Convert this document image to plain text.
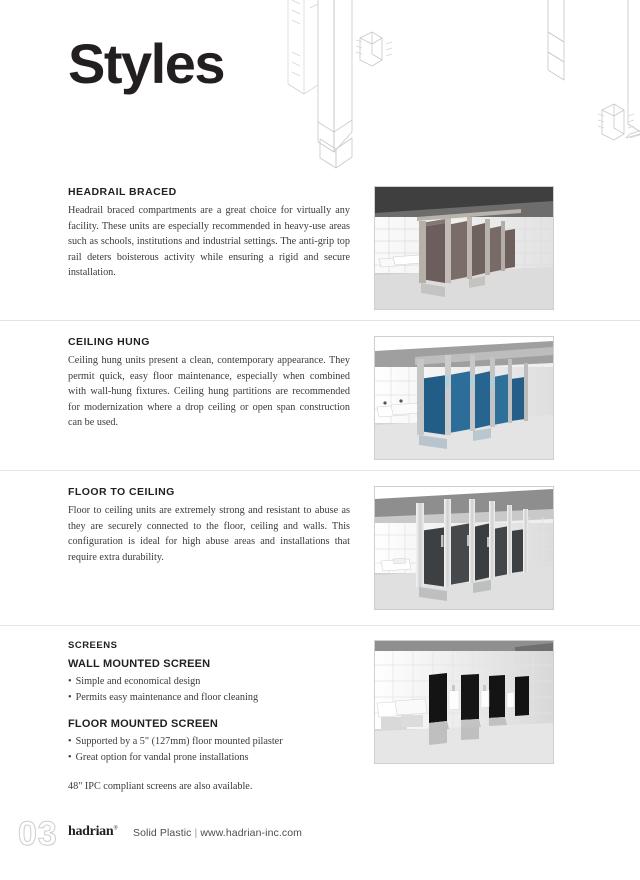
Styles
HEADRAIL BRACED

Headrail braced compartments are a great choice for virtually any facility. These units are especially recommended in heavy-use areas such as schools, institutions and industrial settings. The anti-grip top rail deters boisterous activity while ensuring a rigid and secure installation.

CEILING HUNG

Ceiling hung units present a clean, contemporary appearance. They permit quick, easy floor maintenance, especially when combined with wall-hung fixtures. Ceiling hung partitions are recommended for modernization where a drop ceiling or open span construction can be used.

FLOOR TO CEILING

Floor to ceiling units are extremely strong and resistant to abuse as they are securely connected to the floor, ceiling and walls. This configuration is ideal for high abuse areas and installations that require extra durability.

SCREENS
WALL MOUNTED SCREEN
• Simple and economical design
• Permits easy maintenance and floor cleaning
FLOOR MOUNTED SCREEN
• Supported by a 5" (127mm) floor mounted pilaster
• Great option for vandal prone installations

48" IPC compliant screens are also available.

03 hadrian® Solid Plastic | www.hadrian-inc.com
